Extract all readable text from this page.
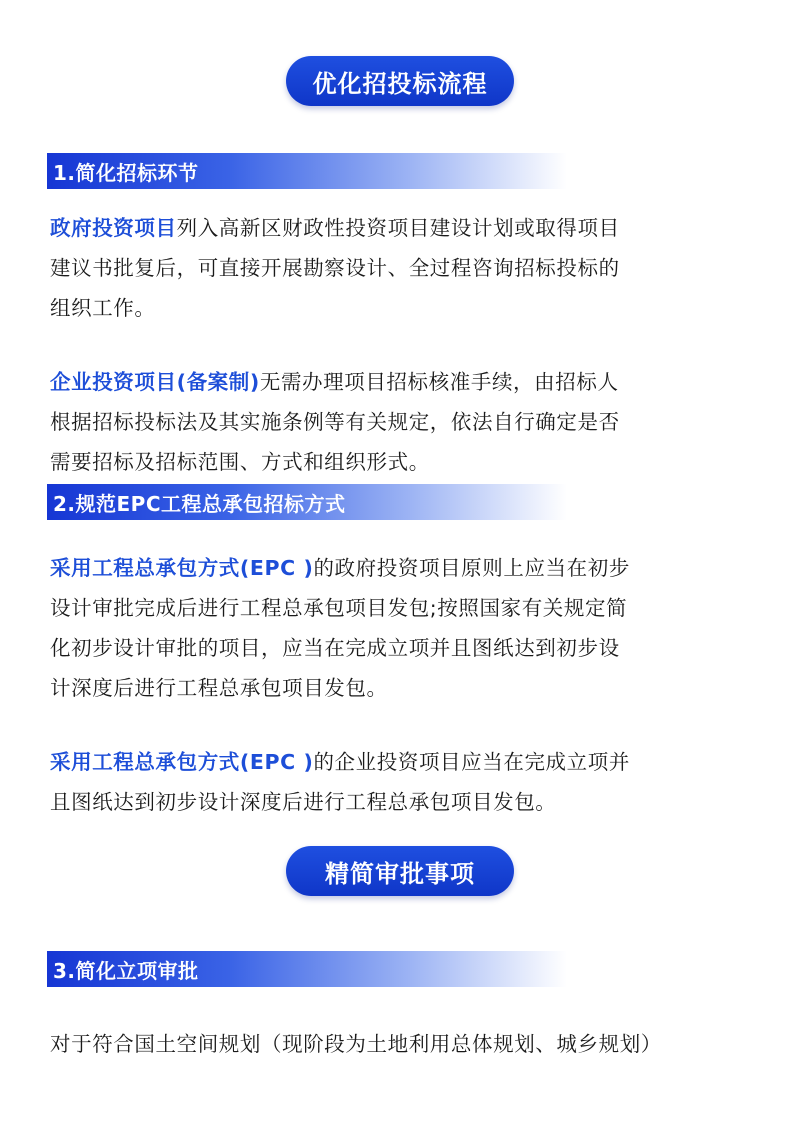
优化招投标流程
1.简化招标环节

政府投资项目列入高新区财政性投资项目建设计划或取得项目
建议书批复后，可直接开展勘察设计、全过程咨询招标投标的
组织工作。

企业投资项目(备案制)无需办理项目招标核准手续，由招标人
根据招标投标法及其实施条例等有关规定，依法自行确定是否
需要招标及招标范围、方式和组织形式。

2.规范EPC工程总承包招标方式

采用工程总承包方式(EPC )的政府投资项目原则上应当在初步
设计审批完成后进行工程总承包项目发包;按照国家有关规定简
化初步设计审批的项目，应当在完成立项并且图纸达到初步设
计深度后进行工程总承包项目发包。

采用工程总承包方式(EPC )的企业投资项目应当在完成立项并
且图纸达到初步设计深度后进行工程总承包项目发包。

精简审批事项
3.简化立项审批

对于符合国土空间规划（现阶段为土地利用总体规划、城乡规划）
